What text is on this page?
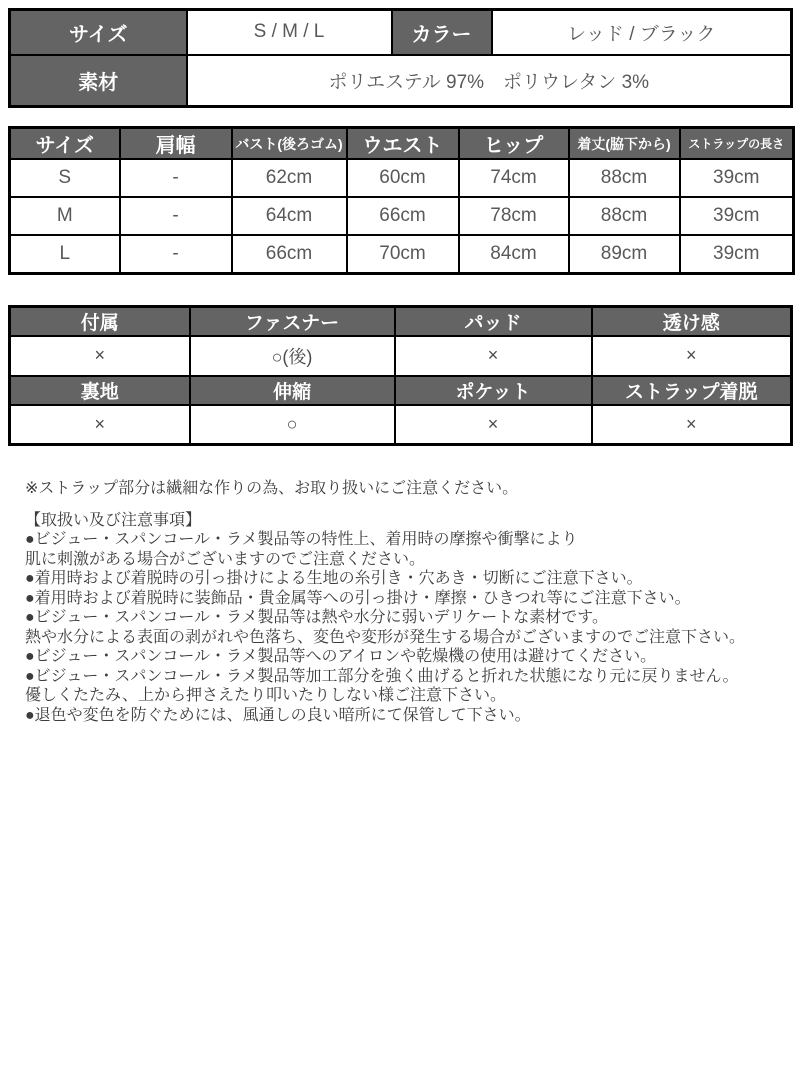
サイズ	S / M / L	カラー	レッド / ブラック
素材	ポリエステル 97%　ポリウレタン 3%		
サイズ	肩幅	バスト(後ろゴム)	ウエスト	ヒップ	着丈(脇下から)	ストラップの長さ
S	-	62cm	60cm	74cm	88cm	39cm
M	-	64cm	66cm	78cm	88cm	39cm
L	-	66cm	70cm	84cm	89cm	39cm
付属	ファスナー	パッド	透け感
×	○(後)	×	×
裏地	伸縮	ポケット	ストラップ着脱
×	○	×	×
※ストラップ部分は繊細な作りの為、お取り扱いにご注意ください。
【取扱い及び注意事項】
●ビジュー・スパンコール・ラメ製品等の特性上、着用時の摩擦や衝撃により
肌に刺激がある場合がございますのでご注意ください。
●着用時および着脱時の引っ掛けによる生地の糸引き・穴あき・切断にご注意下さい。
●着用時および着脱時に装飾品・貴金属等への引っ掛け・摩擦・ひきつれ等にご注意下さい。
●ビジュー・スパンコール・ラメ製品等は熱や水分に弱いデリケートな素材です。
熱や水分による表面の剥がれや色落ち、変色や変形が発生する場合がございますのでご注意下さい。
●ビジュー・スパンコール・ラメ製品等へのアイロンや乾燥機の使用は避けてください。
●ビジュー・スパンコール・ラメ製品等加工部分を強く曲げると折れた状態になり元に戻りません。
優しくたたみ、上から押さえたり叩いたりしない様ご注意下さい。
●退色や変色を防ぐためには、風通しの良い暗所にて保管して下さい。
